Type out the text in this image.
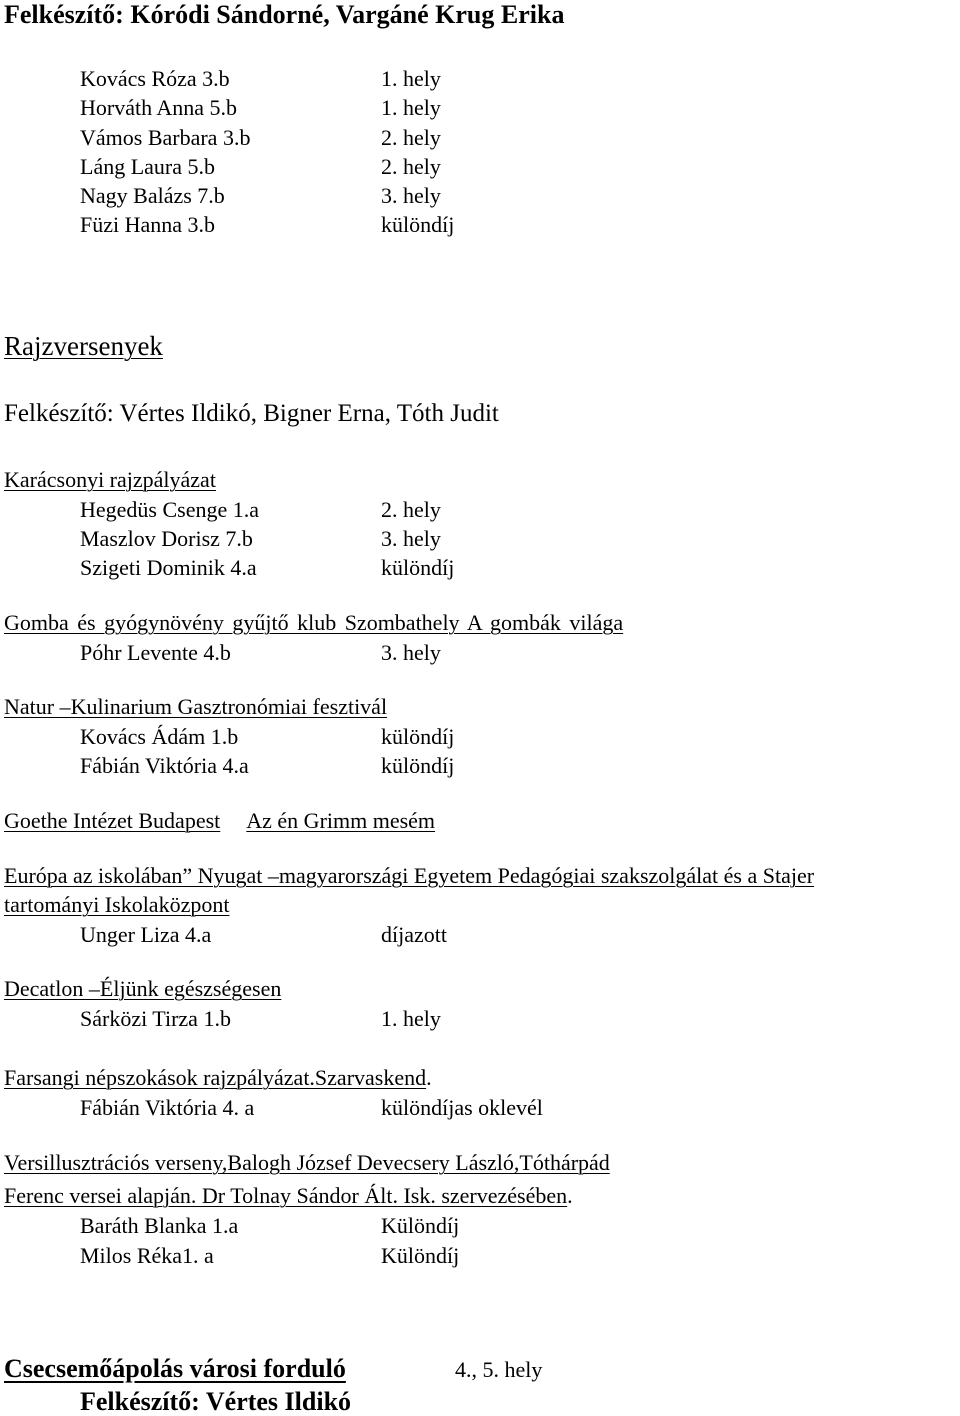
Felkészítő: Kóródi Sándorné, Vargáné Krug Erika
Kovács Róza 3.b	1. hely
Horváth Anna 5.b	1. hely
Vámos Barbara 3.b	2. hely
Láng Laura 5.b	2. hely
Nagy Balázs 7.b	3. hely
Füzi Hanna 3.b	különdíj
Rajzversenyek
Felkészítő: Vértes Ildikó, Bigner Erna, Tóth Judit
Karácsonyi rajzpályázat
Hegedüs Csenge 1.a	2. hely
Maszlov Dorisz 7.b	3. hely
Szigeti Dominik 4.a	különdíj
Gomba és gyógynövény gyűjtő klub Szombathely A gombák világa
Póhr Levente 4.b	3. hely
Natur –Kulinarium Gasztronómiai fesztivál
Kovács Ádám 1.b	különdíj
Fábián Viktória 4.a	különdíj
Goethe Intézet Budapest Az én Grimm mesém
Európa az iskolában” Nyugat –magyarországi Egyetem Pedagógiai szakszolgálat és a Stajer
tartományi Iskolaközpont
Unger Liza 4.a	díjazott
Decatlon –Éljünk egészségesen
Sárközi Tirza 1.b	1. hely
Farsangi népszokások rajzpályázat.Szarvaskend.
Fábián Viktória 4. a	különdíjas oklevél
Versillusztrációs verseny,Balogh József Devecsery László,Tóthárpád
Ferenc versei alapján. Dr Tolnay Sándor Ált. Isk. szervezésében.
Baráth Blanka 1.a	Különdíj
Milos Réka1. a	Különdíj
Csecsemőápolás városi forduló	4., 5. hely
Felkészítő: Vértes Ildikó
